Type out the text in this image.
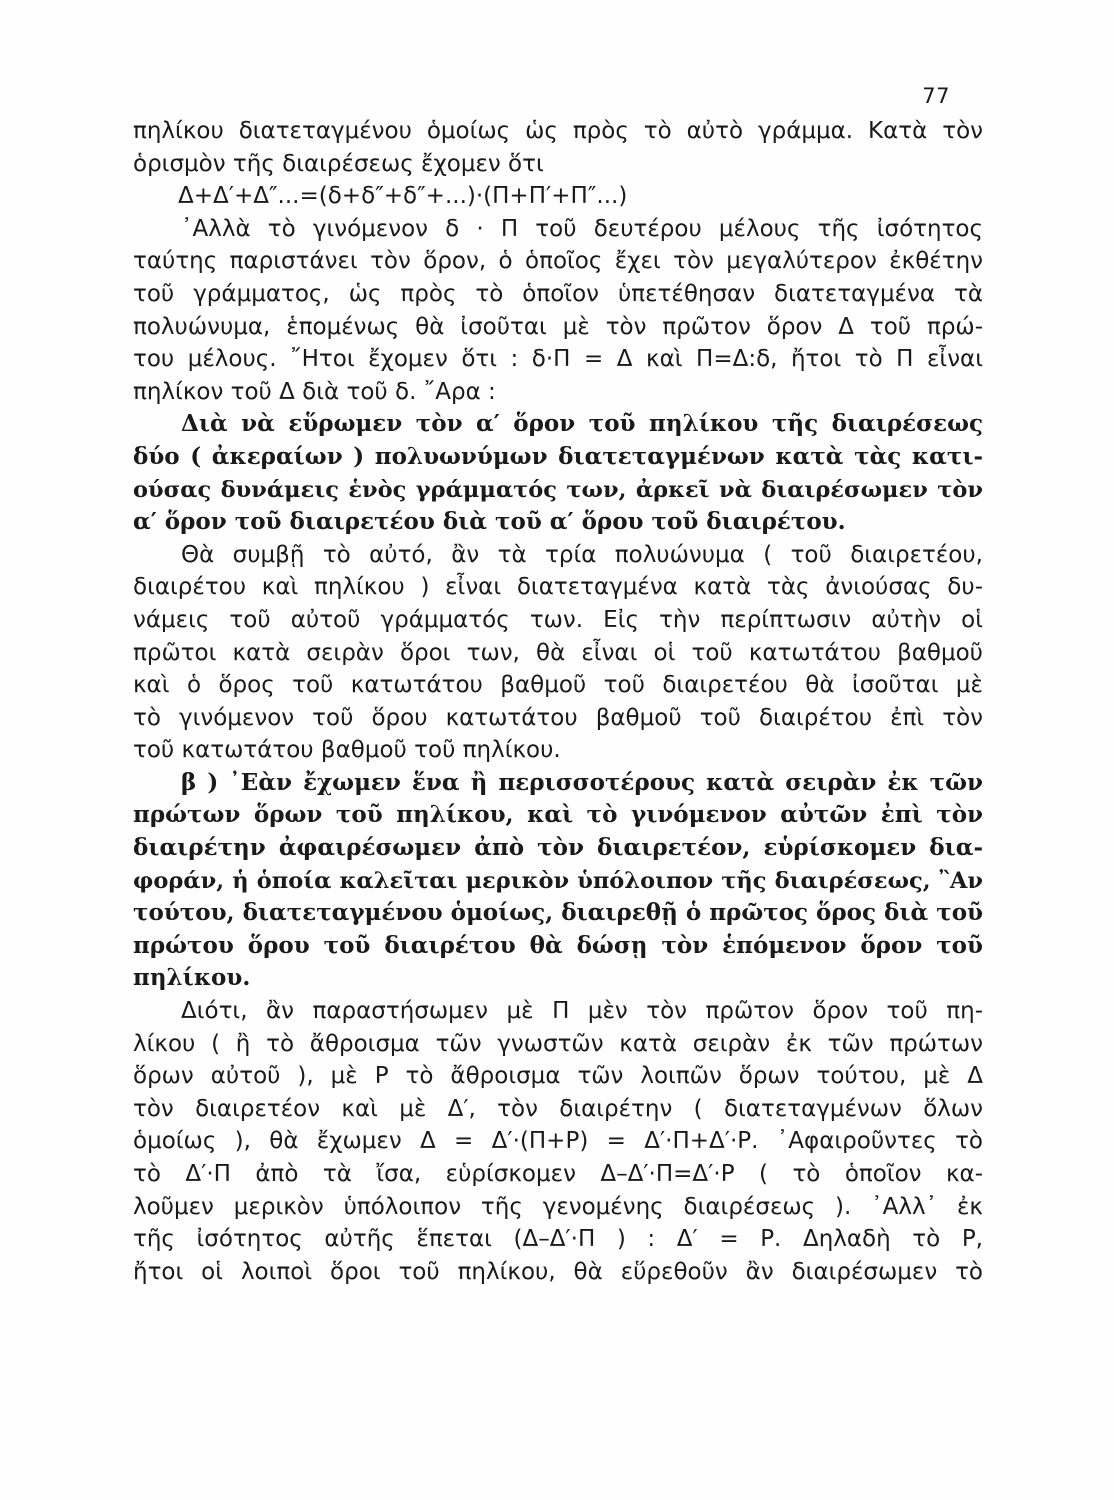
77
πηλίκου διατεταγμένου ὁμοίως ὡς πρὸς τὸ αὐτὸ γράμμα. Κατὰ τὸν
ὁρισμὸν τῆς διαιρέσεως ἔχομεν ὅτι
Δ+Δ′+Δ″...=(δ+δ″+δ″+...)·(Π+Π′+Π″...)
᾿Αλλὰ τὸ γινόμενον δ · Π τοῦ δευτέρου μέλους τῆς ἰσότητος
ταύτης παριστάνει τὸν ὅρον, ὁ ὁποῖος ἔχει τὸν μεγαλύτερον ἐκθέτην
τοῦ γράμματος, ὡς πρὸς τὸ ὁποῖον ὑπετέθησαν διατεταγμένα τὰ
πολυώνυμα, ἑπομένως θὰ ἰσοῦται μὲ τὸν πρῶτον ὅρον Δ τοῦ πρώ-
του μέλους. ῎Ητοι ἔχομεν ὅτι : δ·Π = Δ καὶ Π=Δ:δ, ἤτοι τὸ Π εἶναι
πηλίκον τοῦ Δ διὰ τοῦ δ. ῎Αρα :
Διὰ νὰ εὕρωμεν τὸν α′ ὅρον τοῦ πηλίκου τῆς διαιρέσεως
δύο ( ἀκεραίων ) πολυωνύμων διατεταγμένων κατὰ τὰς κατι-
ούσας δυνάμεις ἑνὸς γράμματός των, ἀρκεῖ νὰ διαιρέσωμεν τὸν
α′ ὅρον τοῦ διαιρετέου διὰ τοῦ α′ ὅρου τοῦ διαιρέτου.
Θὰ συμβῇ τὸ αὐτό, ἂν τὰ τρία πολυώνυμα ( τοῦ διαιρετέου,
διαιρέτου καὶ πηλίκου ) εἶναι διατεταγμένα κατὰ τὰς ἀνιούσας δυ-
νάμεις τοῦ αὐτοῦ γράμματός των. Εἰς τὴν περίπτωσιν αὐτὴν οἱ
πρῶτοι κατὰ σειρὰν ὅροι των, θὰ εἶναι οἱ τοῦ κατωτάτου βαθμοῦ
καὶ ὁ ὅρος τοῦ κατωτάτου βαθμοῦ τοῦ διαιρετέου θὰ ἰσοῦται μὲ
τὸ γινόμενον τοῦ ὅρου κατωτάτου βαθμοῦ τοῦ διαιρέτου ἐπὶ τὸν
τοῦ κατωτάτου βαθμοῦ τοῦ πηλίκου.
β ) ᾿Εὰν ἔχωμεν ἕνα ἢ περισσοτέρους κατὰ σειρὰν ἐκ τῶν
πρώτων ὅρων τοῦ πηλίκου, καὶ τὸ γινόμενον αὐτῶν ἐπὶ τὸν
διαιρέτην ἀφαιρέσωμεν ἀπὸ τὸν διαιρετέον, εὑρίσκομεν δια-
φοράν, ἡ ὁποία καλεῖται μερικὸν ὑπόλοιπον τῆς διαιρέσεως, ῍Αν
τούτου, διατεταγμένου ὁμοίως, διαιρεθῇ ὁ πρῶτος ὅρος διὰ τοῦ
πρώτου ὅρου τοῦ διαιρέτου θὰ δώσῃ τὸν ἑπόμενον ὅρον τοῦ
πηλίκου.
Διότι, ἂν παραστήσωμεν μὲ Π μὲν τὸν πρῶτον ὅρον τοῦ πη-
λίκου ( ἢ τὸ ἄθροισμα τῶν γνωστῶν κατὰ σειρὰν ἐκ τῶν πρώτων
ὅρων αὐτοῦ ), μὲ Ρ τὸ ἄθροισμα τῶν λοιπῶν ὅρων τούτου, μὲ Δ
τὸν διαιρετέον καὶ μὲ Δ′, τὸν διαιρέτην ( διατεταγμένων ὅλων
ὁμοίως ), θὰ ἔχωμεν Δ = Δ′·(Π+Ρ) = Δ′·Π+Δ′·Ρ. ᾿Αφαιροῦντες τὸ
τὸ Δ′·Π ἀπὸ τὰ ἴσα, εὑρίσκομεν Δ–Δ′·Π=Δ′·Ρ ( τὸ ὁποῖον κα-
λοῦμεν μερικὸν ὑπόλοιπον τῆς γενομένης διαιρέσεως ). ᾿Αλλ᾿ ἐκ
τῆς ἰσότητος αὐτῆς ἕπεται (Δ–Δ′·Π ) : Δ′ = Ρ. Δηλαδὴ τὸ Ρ,
ἤτοι οἱ λοιποὶ ὅροι τοῦ πηλίκου, θὰ εὕρεθοῦν ἂν διαιρέσωμεν τὸ
